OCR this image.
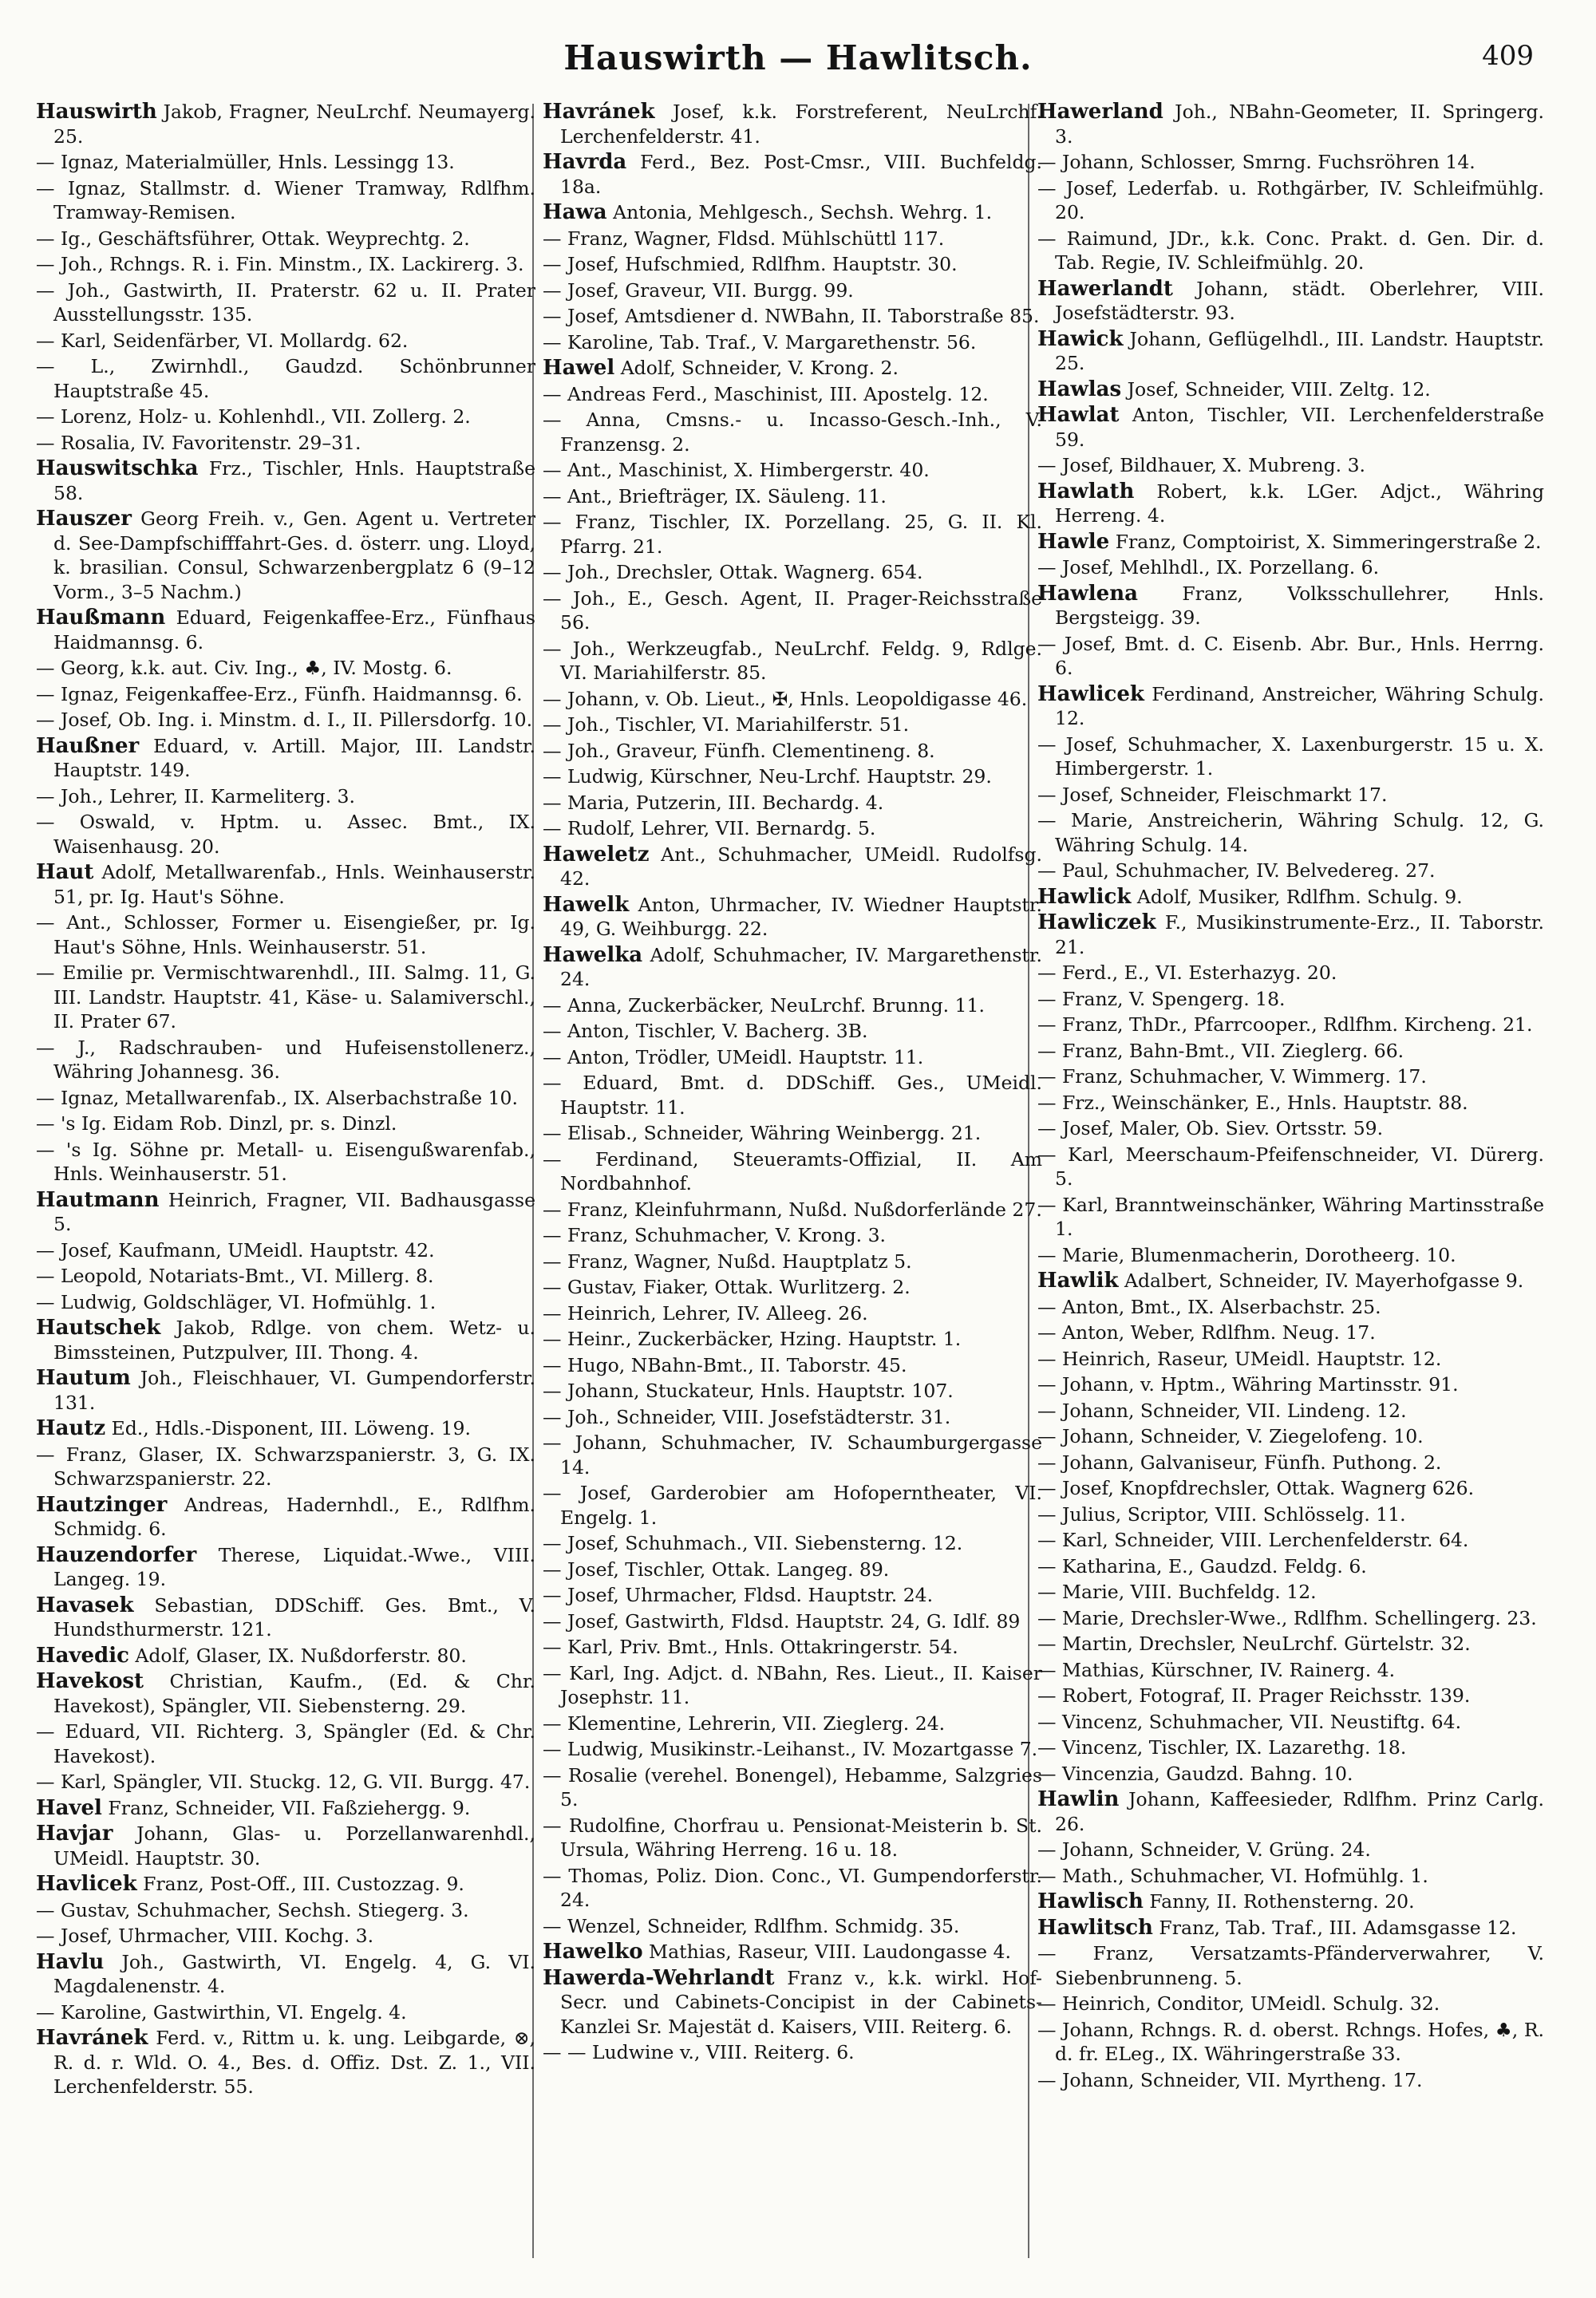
Hauswirth — Hawlitsch.	409

Hauswirth Jakob, Fragner, NeuLrchf. Neumayerg. 25.

— Ignaz, Materialmüller, Hnls. Lessingg 13.

— Ignaz, Stallmstr. d. Wiener Tramway, Rdlfhm. Tramway-Remisen.

— Ig., Geschäftsführer, Ottak. Weyprechtg. 2.

— Joh., Rchngs. R. i. Fin. Minstm., IX. Lackirerg. 3.

— Joh., Gastwirth, II. Praterstr. 62 u. II. Prater Ausstellungsstr. 135.

— Karl, Seidenfärber, VI. Mollardg. 62.

— L., Zwirnhdl., Gaudzd. Schönbrunner Hauptstraße 45.

— Lorenz, Holz- u. Kohlenhdl., VII. Zollerg. 2.

— Rosalia, IV. Favoritenstr. 29–31.

Hauswitschka Frz., Tischler, Hnls. Hauptstraße 58.

Hauszer Georg Freih. v., Gen. Agent u. Vertreter d. See-Dampfschifffahrt-Ges. d. österr. ung. Lloyd, k. brasilian. Consul, Schwarzenbergplatz 6 (9–12 Vorm., 3–5 Nachm.)

Haußmann Eduard, Feigenkaffee-Erz., Fünfhaus Haidmannsg. 6.

— Georg, k.k. aut. Civ. Ing., ♣, IV. Mostg. 6.

— Ignaz, Feigenkaffee-Erz., Fünfh. Haidmannsg. 6.

— Josef, Ob. Ing. i. Minstm. d. I., II. Pillersdorfg. 10.

Haußner Eduard, v. Artill. Major, III. Landstr. Hauptstr. 149.

— Joh., Lehrer, II. Karmeliterg. 3.

— Oswald, v. Hptm. u. Assec. Bmt., IX. Waisenhausg. 20.

Haut Adolf, Metallwarenfab., Hnls. Weinhauserstr. 51, pr. Ig. Haut's Söhne.

— Ant., Schlosser, Former u. Eisengießer, pr. Ig. Haut's Söhne, Hnls. Weinhauserstr. 51.

— Emilie pr. Vermischtwarenhdl., III. Salmg. 11, G. III. Landstr. Hauptstr. 41, Käse- u. Salamiverschl., II. Prater 67.

— J., Radschrauben- und Hufeisenstollenerz., Währing Johannesg. 36.

— Ignaz, Metallwarenfab., IX. Alserbachstraße 10.

— 's Ig. Eidam Rob. Dinzl, pr. s. Dinzl.

— 's Ig. Söhne pr. Metall- u. Eisengußwarenfab., Hnls. Weinhauserstr. 51.

Hautmann Heinrich, Fragner, VII. Badhausgasse 5.

— Josef, Kaufmann, UMeidl. Hauptstr. 42.

— Leopold, Notariats-Bmt., VI. Millerg. 8.

— Ludwig, Goldschläger, VI. Hofmühlg. 1.

Hautschek Jakob, Rdlge. von chem. Wetz- u. Bimssteinen, Putzpulver, III. Thong. 4.

Hautum Joh., Fleischhauer, VI. Gumpendorferstr. 131.

Hautz Ed., Hdls.-Disponent, III. Löweng. 19.

— Franz, Glaser, IX. Schwarzspanierstr. 3, G. IX. Schwarzspanierstr. 22.

Hautzinger Andreas, Hadernhdl., E., Rdlfhm. Schmidg. 6.

Hauzendorfer Therese, Liquidat.-Wwe., VIII. Langeg. 19.

Havasek Sebastian, DDSchiff. Ges. Bmt., V. Hundsthurmerstr. 121.

Havedic Adolf, Glaser, IX. Nußdorferstr. 80.

Havekost Christian, Kaufm., (Ed. & Chr. Havekost), Spängler, VII. Siebensterng. 29.

— Eduard, VII. Richterg. 3, Spängler (Ed. & Chr. Havekost).

— Karl, Spängler, VII. Stuckg. 12, G. VII. Burgg. 47.

Havel Franz, Schneider, VII. Faßziehergg. 9.

Havjar Johann, Glas- u. Porzellanwarenhdl., UMeidl. Hauptstr. 30.

Havlicek Franz, Post-Off., III. Custozzag. 9.

— Gustav, Schuhmacher, Sechsh. Stiegerg. 3.

— Josef, Uhrmacher, VIII. Kochg. 3.

Havlu Joh., Gastwirth, VI. Engelg. 4, G. VI. Magdalenenstr. 4.

— Karoline, Gastwirthin, VI. Engelg. 4.

Havránek Ferd. v., Rittm u. k. ung. Leibgarde, ⊗, R. d. r. Wld. O. 4., Bes. d. Offiz. Dst. Z. 1., VII. Lerchenfelderstr. 55.

Havránek Josef, k.k. Forstreferent, NeuLrchf. Lerchenfelderstr. 41.

Havrda Ferd., Bez. Post-Cmsr., VIII. Buchfeldg. 18a.

Hawa Antonia, Mehlgesch., Sechsh. Wehrg. 1.

— Franz, Wagner, Fldsd. Mühlschüttl 117.

— Josef, Hufschmied, Rdlfhm. Hauptstr. 30.

— Josef, Graveur, VII. Burgg. 99.

— Josef, Amtsdiener d. NWBahn, II. Taborstraße 85.

— Karoline, Tab. Traf., V. Margarethenstr. 56.

Hawel Adolf, Schneider, V. Krong. 2.

— Andreas Ferd., Maschinist, III. Apostelg. 12.

— Anna, Cmsns.- u. Incasso-Gesch.-Inh., V. Franzensg. 2.

— Ant., Maschinist, X. Himbergerstr. 40.

— Ant., Briefträger, IX. Säuleng. 11.

— Franz, Tischler, IX. Porzellang. 25, G. II. Kl. Pfarrg. 21.

— Joh., Drechsler, Ottak. Wagnerg. 654.

— Joh., E., Gesch. Agent, II. Prager-Reichsstraße 56.

— Joh., Werkzeugfab., NeuLrchf. Feldg. 9, Rdlge. VI. Mariahilferstr. 85.

— Johann, v. Ob. Lieut., ✠, Hnls. Leopoldigasse 46.

— Joh., Tischler, VI. Mariahilferstr. 51.

— Joh., Graveur, Fünfh. Clementineng. 8.

— Ludwig, Kürschner, Neu-Lrchf. Hauptstr. 29.

— Maria, Putzerin, III. Bechardg. 4.

— Rudolf, Lehrer, VII. Bernardg. 5.

Haweletz Ant., Schuhmacher, UMeidl. Rudolfsg. 42.

Hawelk Anton, Uhrmacher, IV. Wiedner Hauptstr. 49, G. Weihburgg. 22.

Hawelka Adolf, Schuhmacher, IV. Margarethenstr. 24.

— Anna, Zuckerbäcker, NeuLrchf. Brunng. 11.

— Anton, Tischler, V. Bacherg. 3B.

— Anton, Trödler, UMeidl. Hauptstr. 11.

— Eduard, Bmt. d. DDSchiff. Ges., UMeidl. Hauptstr. 11.

— Elisab., Schneider, Währing Weinbergg. 21.

— Ferdinand, Steueramts-Offizial, II. Am Nordbahnhof.

— Franz, Kleinfuhrmann, Nußd. Nußdorferlände 27.

— Franz, Schuhmacher, V. Krong. 3.

— Franz, Wagner, Nußd. Hauptplatz 5.

— Gustav, Fiaker, Ottak. Wurlitzerg. 2.

— Heinrich, Lehrer, IV. Alleeg. 26.

— Heinr., Zuckerbäcker, Hzing. Hauptstr. 1.

— Hugo, NBahn-Bmt., II. Taborstr. 45.

— Johann, Stuckateur, Hnls. Hauptstr. 107.

— Joh., Schneider, VIII. Josefstädterstr. 31.

— Johann, Schuhmacher, IV. Schaumburgergasse 14.

— Josef, Garderobier am Hofoperntheater, VI. Engelg. 1.

— Josef, Schuhmach., VII. Siebensterng. 12.

— Josef, Tischler, Ottak. Langeg. 89.

— Josef, Uhrmacher, Fldsd. Hauptstr. 24.

— Josef, Gastwirth, Fldsd. Hauptstr. 24, G. Idlf. 89

— Karl, Priv. Bmt., Hnls. Ottakringerstr. 54.

— Karl, Ing. Adjct. d. NBahn, Res. Lieut., II. Kaiser Josephstr. 11.

— Klementine, Lehrerin, VII. Zieglerg. 24.

— Ludwig, Musikinstr.-Leihanst., IV. Mozartgasse 7.

— Rosalie (verehel. Bonengel), Hebamme, Salzgries 5.

— Rudolfine, Chorfrau u. Pensionat-Meisterin b. St. Ursula, Währing Herreng. 16 u. 18.

— Thomas, Poliz. Dion. Conc., VI. Gumpendorferstr. 24.

— Wenzel, Schneider, Rdlfhm. Schmidg. 35.

Hawelko Mathias, Raseur, VIII. Laudongasse 4.

Hawerda-Wehrlandt Franz v., k.k. wirkl. Hof-Secr. und Cabinets-Concipist in der Cabinets-Kanzlei Sr. Majestät d. Kaisers, VIII. Reiterg. 6.

— — Ludwine v., VIII. Reiterg. 6.

Hawerland Joh., NBahn-Geometer, II. Springerg. 3.

— Johann, Schlosser, Smrng. Fuchsröhren 14.

— Josef, Lederfab. u. Rothgärber, IV. Schleifmühlg. 20.

— Raimund, JDr., k.k. Conc. Prakt. d. Gen. Dir. d. Tab. Regie, IV. Schleifmühlg. 20.

Hawerlandt Johann, städt. Oberlehrer, VIII. Josefstädterstr. 93.

Hawick Johann, Geflügelhdl., III. Landstr. Hauptstr. 25.

Hawlas Josef, Schneider, VIII. Zeltg. 12.

Hawlat Anton, Tischler, VII. Lerchenfelderstraße 59.

— Josef, Bildhauer, X. Mubreng. 3.

Hawlath Robert, k.k. LGer. Adjct., Währing Herreng. 4.

Hawle Franz, Comptoirist, X. Simmeringerstraße 2.

— Josef, Mehlhdl., IX. Porzellang. 6.

Hawlena Franz, Volksschullehrer, Hnls. Bergsteigg. 39.

— Josef, Bmt. d. C. Eisenb. Abr. Bur., Hnls. Herrng. 6.

Hawlicek Ferdinand, Anstreicher, Währing Schulg. 12.

— Josef, Schuhmacher, X. Laxenburgerstr. 15 u. X. Himbergerstr. 1.

— Josef, Schneider, Fleischmarkt 17.

— Marie, Anstreicherin, Währing Schulg. 12, G. Währing Schulg. 14.

— Paul, Schuhmacher, IV. Belvedereg. 27.

Hawlick Adolf, Musiker, Rdlfhm. Schulg. 9.

Hawliczek F., Musikinstrumente-Erz., II. Taborstr. 21.

— Ferd., E., VI. Esterhazyg. 20.

— Franz, V. Spengerg. 18.

— Franz, ThDr., Pfarrcooper., Rdlfhm. Kircheng. 21.

— Franz, Bahn-Bmt., VII. Zieglerg. 66.

— Franz, Schuhmacher, V. Wimmerg. 17.

— Frz., Weinschänker, E., Hnls. Hauptstr. 88.

— Josef, Maler, Ob. Siev. Ortsstr. 59.

— Karl, Meerschaum-Pfeifenschneider, VI. Dürerg. 5.

— Karl, Branntweinschänker, Währing Martinsstraße 1.

— Marie, Blumenmacherin, Dorotheerg. 10.

Hawlik Adalbert, Schneider, IV. Mayerhofgasse 9.

— Anton, Bmt., IX. Alserbachstr. 25.

— Anton, Weber, Rdlfhm. Neug. 17.

— Heinrich, Raseur, UMeidl. Hauptstr. 12.

— Johann, v. Hptm., Währing Martinsstr. 91.

— Johann, Schneider, VII. Lindeng. 12.

— Johann, Schneider, V. Ziegelofeng. 10.

— Johann, Galvaniseur, Fünfh. Puthong. 2.

— Josef, Knopfdrechsler, Ottak. Wagnerg 626.

— Julius, Scriptor, VIII. Schlösselg. 11.

— Karl, Schneider, VIII. Lerchenfelderstr. 64.

— Katharina, E., Gaudzd. Feldg. 6.

— Marie, VIII. Buchfeldg. 12.

— Marie, Drechsler-Wwe., Rdlfhm. Schellingerg. 23.

— Martin, Drechsler, NeuLrchf. Gürtelstr. 32.

— Mathias, Kürschner, IV. Rainerg. 4.

— Robert, Fotograf, II. Prager Reichsstr. 139.

— Vincenz, Schuhmacher, VII. Neustiftg. 64.

— Vincenz, Tischler, IX. Lazarethg. 18.

— Vincenzia, Gaudzd. Bahng. 10.

Hawlin Johann, Kaffeesieder, Rdlfhm. Prinz Carlg. 26.

— Johann, Schneider, V. Grüng. 24.

— Math., Schuhmacher, VI. Hofmühlg. 1.

Hawlisch Fanny, II. Rothensterng. 20.

Hawlitsch Franz, Tab. Traf., III. Adamsgasse 12.

— Franz, Versatzamts-Pfänderverwahrer, V. Siebenbrunneng. 5.

— Heinrich, Conditor, UMeidl. Schulg. 32.

— Johann, Rchngs. R. d. oberst. Rchngs. Hofes, ♣, R. d. fr. ELeg., IX. Währingerstraße 33.

— Johann, Schneider, VII. Myrtheng. 17.
